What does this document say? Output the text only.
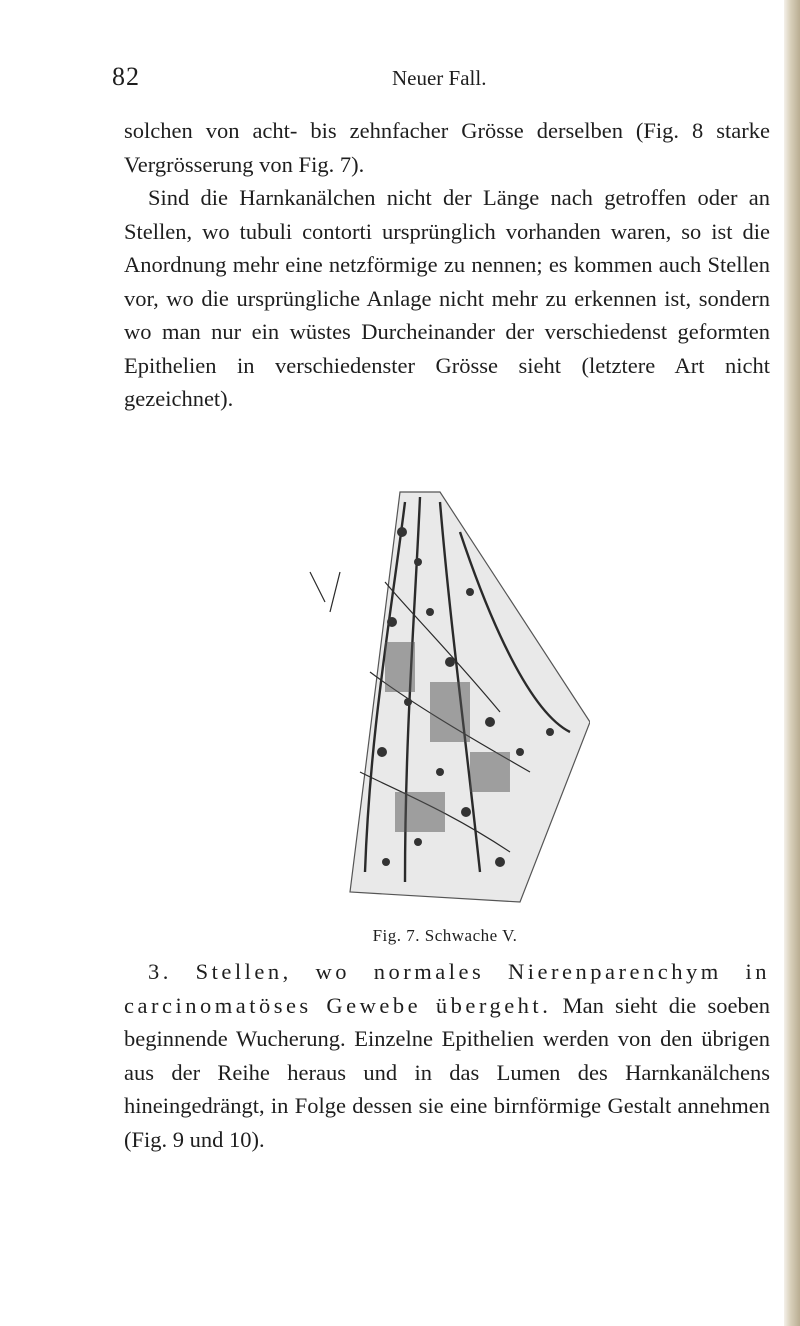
82	Neuer Fall.

solchen von acht- bis zehnfacher Grösse derselben (Fig. 8 starke Vergrösserung von Fig. 7).

Sind die Harnkanälchen nicht der Länge nach getroffen oder an Stellen, wo tubuli contorti ursprünglich vorhanden waren, so ist die Anordnung mehr eine netzförmige zu nennen; es kommen auch Stellen vor, wo die ursprüngliche Anlage nicht mehr zu erkennen ist, sondern wo man nur ein wüstes Durcheinander der verschiedenst geformten Epithelien in verschiedenster Grösse sieht (letztere Art nicht gezeichnet).

Fig. 7. Schwache V.

3. Stellen, wo normales Nierenparenchym in carcinomatöses Gewebe übergeht. Man sieht die soeben beginnende Wucherung. Einzelne Epithelien werden von den übrigen aus der Reihe heraus und in das Lumen des Harnkanälchens hineingedrängt, in Folge dessen sie eine birnförmige Gestalt annehmen (Fig. 9 und 10).
